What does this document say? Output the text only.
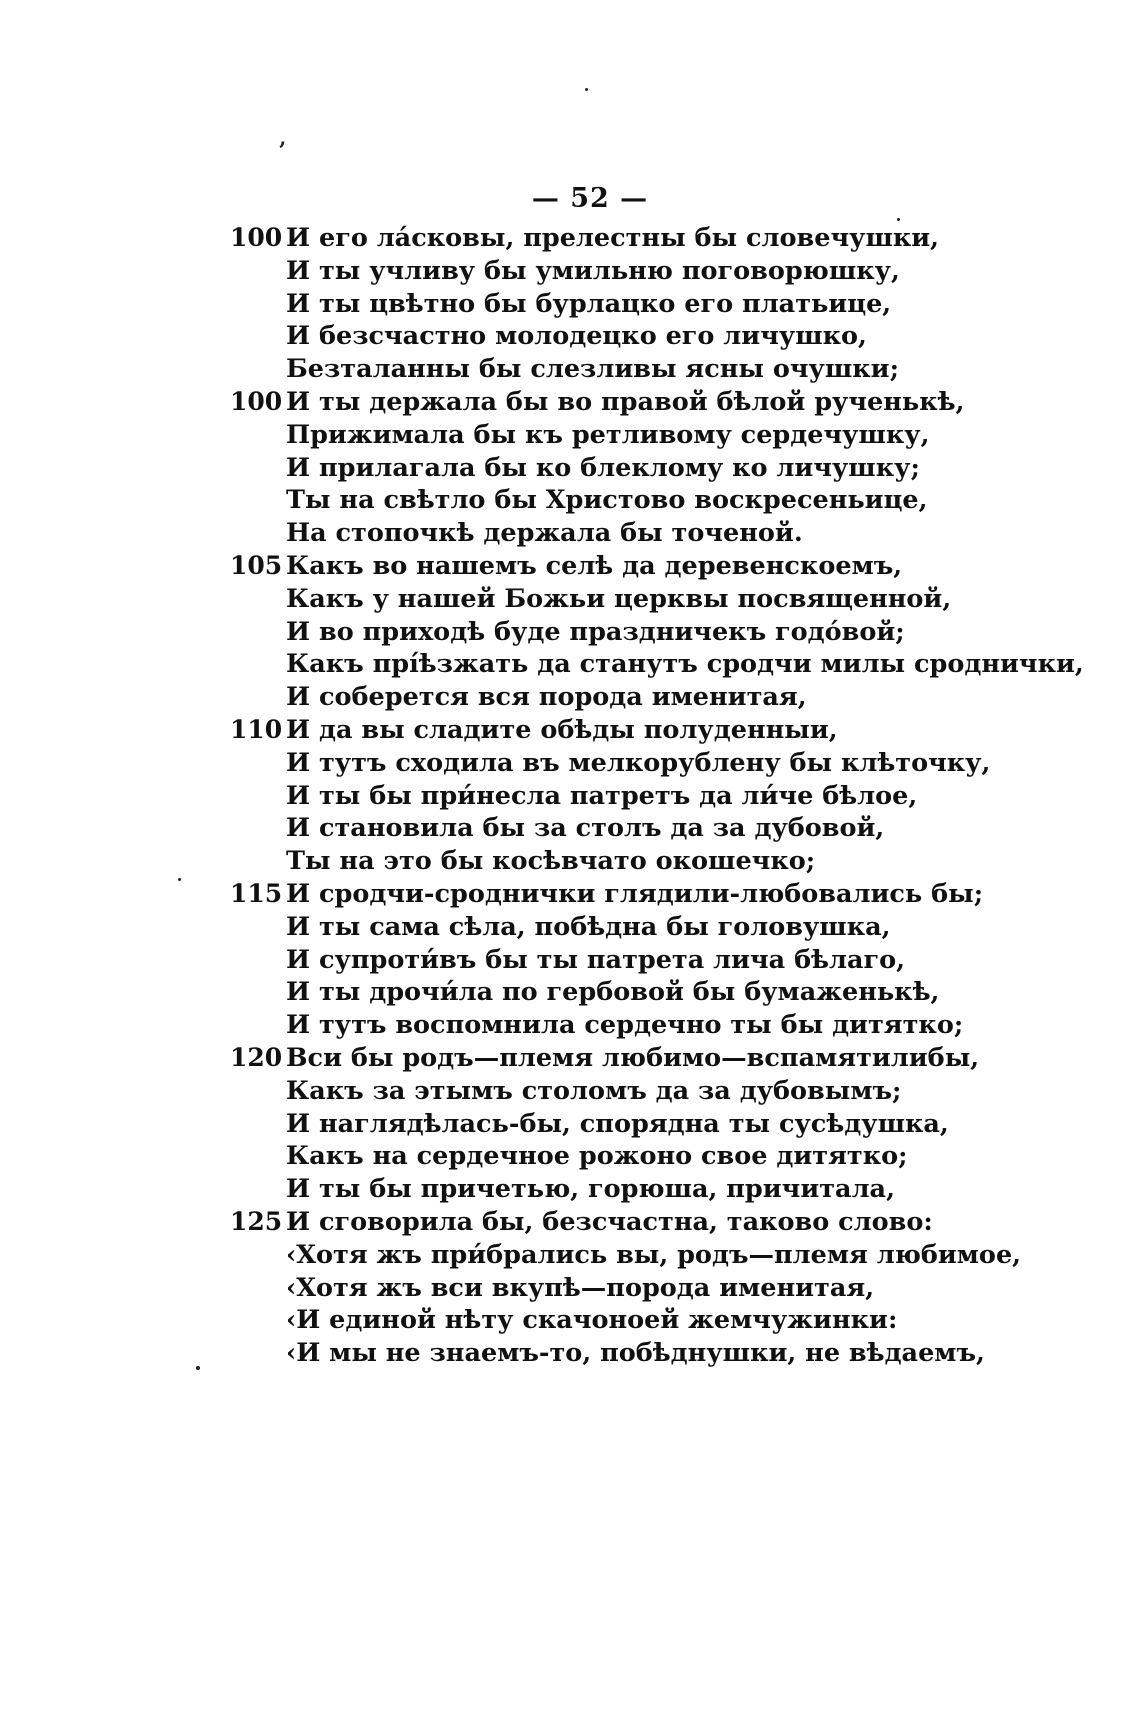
ʼ
— 52 —
100 И его ла́сковы, прелестны бы словечушки,
И ты учливу бы умильню поговорюшку,
И ты цвѣтно бы бурлацко его платьице,
И безсчастно молодецко его личушко,
Безталанны бы слезливы ясны очушки;
100 И ты держала бы во правой бѣлой рученькѣ,
Прижимала бы къ ретливому сердечушку,
И прилагала бы ко блеклому ко личушку;
Ты на свѣтло бы Христово воскресеньице,
На стопочкѣ держала бы точеной.
105 Какъ во нашемъ селѣ да деревенскоемъ,
Какъ у нашей Божьи церквы посвященной,
И во приходѣ буде праздничекъ годо́вой;
Какъ прі́ѣзжать да станутъ сродчи милы сроднички,
И соберется вся порода именитая,
110 И да вы сладите обѣды полуденныи,
И тутъ сходила въ мелкорублену бы клѣточку,
И ты бы при́несла патретъ да ли́че бѣлое,
И становила бы за столъ да за дубовой,
Ты на это бы косѣвчато окошечко;
115 И сродчи-сроднички глядили-любовались бы;
И ты сама сѣла, побѣдна бы головушка,
И супроти́въ бы ты патрета лича бѣлаго,
И ты дрочи́ла по гербовой бы бумаженькѣ,
И тутъ воспомнила сердечно ты бы дитятко;
120 Вси бы родъ—племя любимо—вспамятилибы,
Какъ за этымъ столомъ да за дубовымъ;
И наглядѣлась-бы, спорядна ты сусѣдушка,
Какъ на сердечное рожоно свое дитятко;
И ты бы причетью, горюша, причитала,
125 И сговорила бы, безсчастна, таково слово:
‹Хотя жъ при́брались вы, родъ—племя любимое,
‹Хотя жъ вси вкупѣ—порода именитая,
‹И единой нѣту скачоноей жемчужинки:
‹И мы не знаемъ-то, побѣднушки, не вѣдаемъ,
